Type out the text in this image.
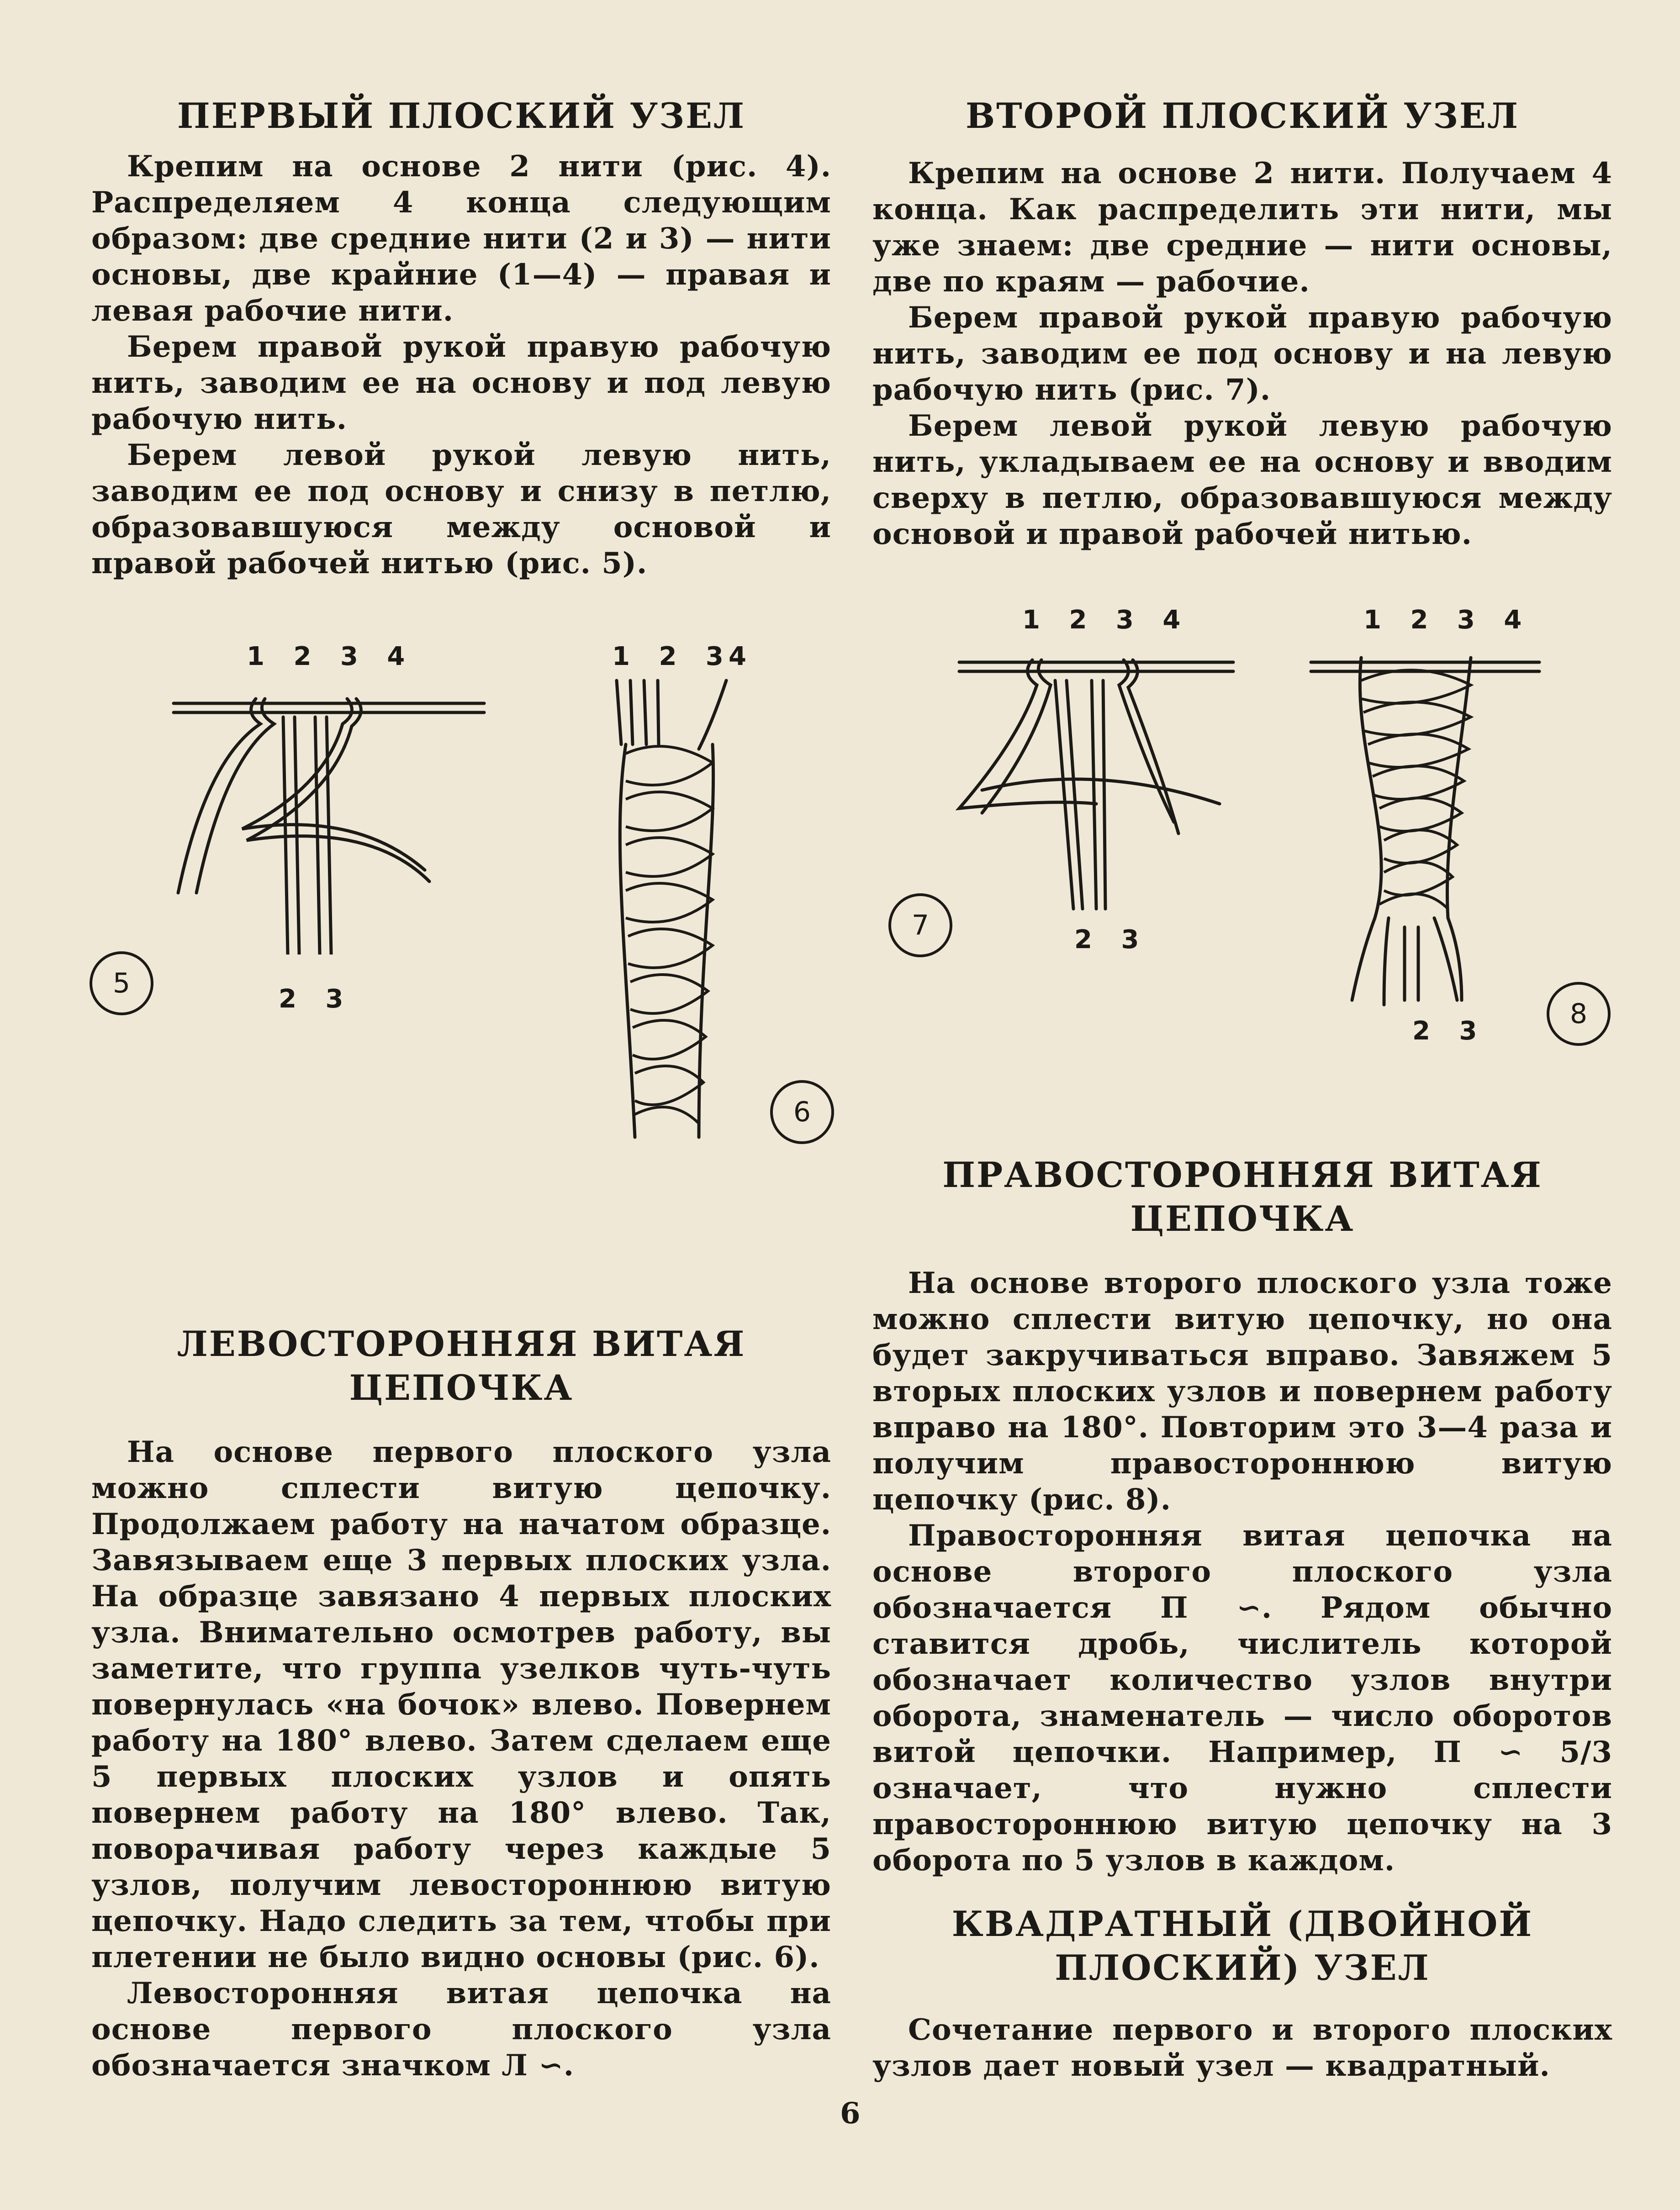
ПЕРВЫЙ ПЛОСКИЙ УЗЕЛ

Крепим на основе 2 нити (рис. 4). Распределяем 4 конца следующим образом: две средние нити (2 и 3) — нити основы, две крайние (1—4) — правая и левая рабочие нити.

Берем правой рукой правую рабочую нить, заводим ее на основу и под левую рабочую нить.

Берем левой рукой левую нить, заводим ее под основу и снизу в петлю, образовавшуюся между основой и правой рабочей нитью (рис. 5).

ЛЕВОСТОРОННЯЯ ВИТАЯ
ЦЕПОЧКА

На основе первого плоского узла можно сплести витую цепочку. Продолжаем работу на начатом образце. Завязываем еще 3 первых плоских узла. На образце завязано 4 первых плоских узла. Внимательно осмотрев работу, вы заметите, что группа узелков чуть-чуть повернулась «на бочок» влево. Повернем работу на 180° влево. Затем сделаем еще 5 первых плоских узлов и опять повернем работу на 180° влево. Так, поворачивая работу через каждые 5 узлов, получим левостороннюю витую цепочку. Надо следить за тем, чтобы при плетении не было видно основы (рис. 6).

Левосторонняя витая цепочка на основе первого плоского узла обозначается значком Л ∽.

ВТОРОЙ ПЛОСКИЙ УЗЕЛ

Крепим на основе 2 нити. Получаем 4 конца. Как распределить эти нити, мы уже знаем: две средние — нити основы, две по краям — рабочие.

Берем правой рукой правую рабочую нить, заводим ее под основу и на левую рабочую нить (рис. 7).

Берем левой рукой левую рабочую нить, укладываем ее на основу и вводим сверху в петлю, образовавшуюся между основой и правой рабочей нитью.

ПРАВОСТОРОННЯЯ ВИТАЯ
ЦЕПОЧКА

На основе второго плоского узла тоже можно сплести витую цепочку, но она будет закручиваться вправо. Завяжем 5 вторых плоских узлов и повернем работу вправо на 180°. Повторим это 3—4 раза и получим правостороннюю витую цепочку (рис. 8).

Правосторонняя витая цепочка на основе второго плоского узла обозначается П ∽. Рядом обычно ставится дробь, числитель которой обозначает количество узлов внутри оборота, знаменатель — число оборотов витой цепочки. Например, П ∽ 5/3 означает, что нужно сплести правостороннюю витую цепочку на 3 оборота по 5 узлов в каждом.

КВАДРАТНЫЙ (ДВОЙНОЙ
ПЛОСКИЙ) УЗЕЛ

Сочетание первого и второго плоских узлов дает новый узел — квадратный.

1 2 3 4
2 3
5
1 2 3
4
6
1 2 3 4
2 3
7
1 2 3 4
2 3
8
6
